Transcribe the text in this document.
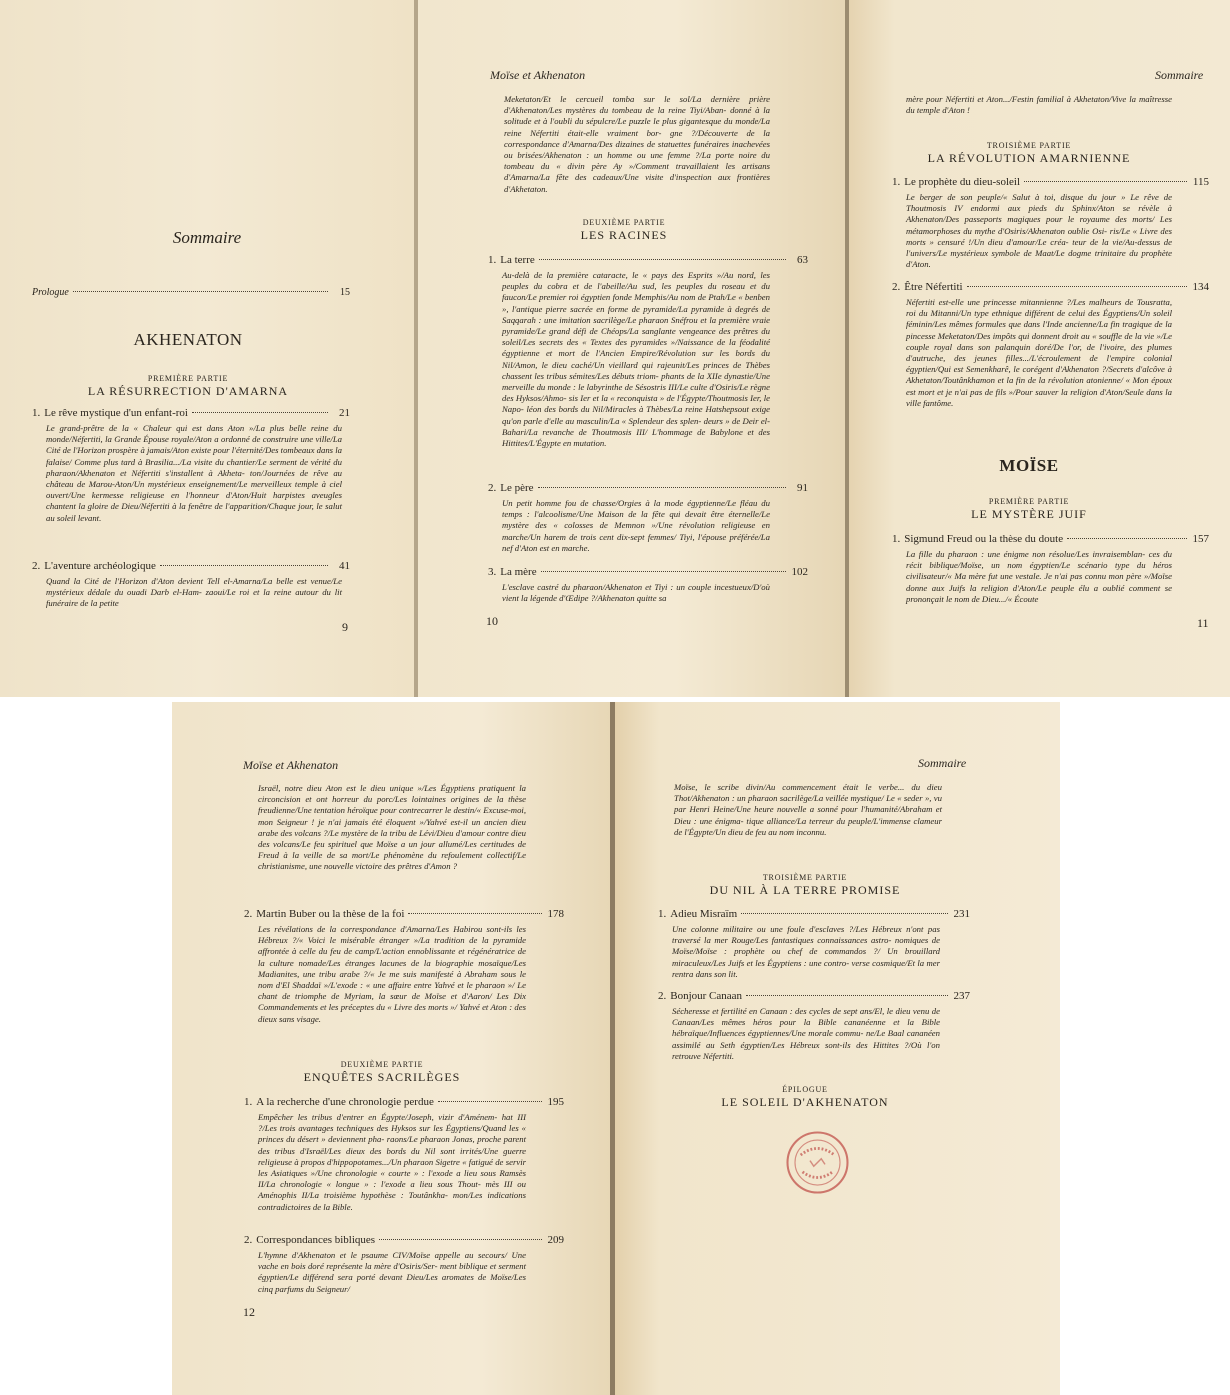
Sommaire
Prologue	15
AKHENATON
PREMIÈRE PARTIE
LA RÉSURRECTION D'AMARNA
1. Le rêve mystique d'un enfant-roi	21
Le grand-prêtre de la « Chaleur qui est dans Aton »/La plus belle reine du monde/Néfertiti, la Grande Épouse royale/Aton a ordonné de construire une ville/La Cité de l'Horizon prospère à jamais/Aton existe pour l'éternité/Des tombeaux dans la falaise/ Comme plus tard à Brasilia.../La visite du chantier/Le serment de vérité du pharaon/Akhenaton et Néfertiti s'installent à Akheta- ton/Journées de rêve au château de Marou-Aton/Un mystérieux enseignement/Le merveilleux temple à ciel ouvert/Une kermesse religieuse en l'honneur d'Aton/Huit harpistes aveugles chantent la gloire de Dieu/Néfertiti à la fenêtre de l'apparition/Chaque jour, le salut au soleil levant.
2. L'aventure archéologique	41
Quand la Cité de l'Horizon d'Aton devient Tell el-Amarna/La belle est venue/Le mystérieux dédale du ouadi Darb el-Ham- zaoui/Le roi et la reine autour du lit funéraire de la petite
9
Moïse et Akhenaton
Meketaton/Et le cercueil tomba sur le sol/La dernière prière d'Akhenaton/Les mystères du tombeau de la reine Tiyi/Aban- donné à la solitude et à l'oubli du sépulcre/Le puzzle le plus gigantesque du monde/La reine Néfertiti était-elle vraiment bor- gne ?/Découverte de la correspondance d'Amarna/Des dizaines de statuettes funéraires inachevées ou brisées/Akhenaton : un homme ou une femme ?/La porte noire du tombeau du « divin père Ay »/Comment travaillaient les artisans d'Amarna/La fête des cadeaux/Une visite d'inspection aux frontières d'Akhetaton.
DEUXIÈME PARTIE
LES RACINES
1. La terre	63
Au-delà de la première cataracte, le « pays des Esprits »/Au nord, les peuples du cobra et de l'abeille/Au sud, les peuples du roseau et du faucon/Le premier roi égyptien fonde Memphis/Au nom de Ptah/Le « benben », l'antique pierre sacrée en forme de pyramide/La pyramide à degrés de Saqqarah : une imitation sacrilège/Le pharaon Snéfrou et la première vraie pyramide/Le grand défi de Chéops/La sanglante vengeance des prêtres du soleil/Les secrets des « Textes des pyramides »/Naissance de la féodalité égyptienne et mort de l'Ancien Empire/Révolution sur les bords du Nil/Amon, le dieu caché/Un vieillard qui rajeunit/Les princes de Thèbes chassent les tribus sémites/Les débuts triom- phants de la XIIe dynastie/Une merveille du monde : le labyrinthe de Sésostris III/Le culte d'Osiris/Le règne des Hyksos/Ahmo- sis Ier et la « reconquista » de l'Égypte/Thoutmosis Ier, le Napo- léon des bords du Nil/Miracles à Thèbes/La reine Hatshepsout exige qu'on parle d'elle au masculin/La « Splendeur des splen- deurs » de Deir el-Bahari/La revanche de Thoutmosis III/ L'hommage de Babylone et des Hittites/L'Égypte en mutation.
2. Le père	91
Un petit homme fou de chasse/Orgies à la mode égyptienne/Le fléau du temps : l'alcoolisme/Une Maison de la fête qui devait être éternelle/Le mystère des « colosses de Memnon »/Une révolution religieuse en marche/Un harem de trois cent dix-sept femmes/ Tiyi, l'épouse préférée/La nef d'Aton est en marche.
3. La mère	102
L'esclave castré du pharaon/Akhenaton et Tiyi : un couple incestueux/D'où vient la légende d'Œdipe ?/Akhenaton quitte sa
10
Sommaire
mère pour Néfertiti et Aton.../Festin familial à Akhetaton/Vive la maîtresse du temple d'Aton !
TROISIÈME PARTIE
LA RÉVOLUTION AMARNIENNE
1. Le prophète du dieu-soleil	115
Le berger de son peuple/« Salut à toi, disque du jour » Le rêve de Thoutmosis IV endormi aux pieds du Sphinx/Aton se révèle à Akhenaton/Des passeports magiques pour le royaume des morts/ Les métamorphoses du mythe d'Osiris/Akhenaton oublie Osi- ris/Le « Livre des morts » censuré !/Un dieu d'amour/Le créa- teur de la vie/Au-dessus de l'univers/Le mystérieux symbole de Maat/Le dogme trinitaire du prophète d'Aton.
2. Être Néfertiti	134
Néfertiti est-elle une princesse mitannienne ?/Les malheurs de Tousratta, roi du Mitanni/Un type ethnique différent de celui des Égyptiens/Un soleil féminin/Les mêmes formules que dans l'Inde ancienne/La fin tragique de la pincesse Meketaton/Des impôts qui donnent droit au « souffle de la vie »/Le couple royal dans son palanquin doré/De l'or, de l'ivoire, des plumes d'autruche, des jeunes filles.../L'écroulement de l'empire colonial égyptien/Qui est Semenkharê, le corégent d'Akhenaton ?/Secrets d'alcôve à Akhetaton/Toutânkhamon et la fin de la révolution atonienne/ « Mon époux est mort et je n'ai pas de fils »/Pour sauver la religion d'Aton/Seule dans la ville fantôme.
MOÏSE
PREMIÈRE PARTIE
LE MYSTÈRE JUIF
1. Sigmund Freud ou la thèse du doute	157
La fille du pharaon : une énigme non résolue/Les invraisemblan- ces du récit biblique/Moïse, un nom égyptien/Le scénario type du héros civilisateur/« Ma mère fut une vestale. Je n'ai pas connu mon père »/Moïse donne aux Juifs la religion d'Aton/Le peuple élu a oublié comment se prononçait le nom de Dieu.../« Écoute
11
Moïse et Akhenaton
Israël, notre dieu Aton est le dieu unique »/Les Égyptiens pratiquent la circoncision et ont horreur du porc/Les lointaines origines de la thèse freudienne/Une tentation héroïque pour contrecarrer le destin/« Excuse-moi, mon Seigneur ! je n'ai jamais été éloquent »/Yahvé est-il un ancien dieu arabe des volcans ?/Le mystère de la tribu de Lévi/Dieu d'amour contre dieu des volcans/Le feu spirituel que Moïse a un jour allumé/Les certitudes de Freud à la veille de sa mort/Le phénomène du refoulement collectif/Le christianisme, une nouvelle victoire des prêtres d'Amon ?
2. Martin Buber ou la thèse de la foi	178
Les révélations de la correspondance d'Amarna/Les Habirou sont-ils les Hébreux ?/« Voici le misérable étranger »/La tradition de la pyramide affrontée à celle du feu de camp/L'action ennoblissante et régénératrice de la culture nomade/Les étranges lacunes de la biographie mosaïque/Les Madianites, une tribu arabe ?/« Je me suis manifesté à Abraham sous le nom d'El Shaddaï »/L'exode : « une affaire entre Yahvé et le pharaon »/ Le chant de triomphe de Myriam, la sœur de Moïse et d'Aaron/ Les Dix Commandements et les préceptes du « Livre des morts »/ Yahvé et Aton : des dieux sans visage.
DEUXIÈME PARTIE
ENQUÊTES SACRILÈGES
1. A la recherche d'une chronologie perdue	195
Empêcher les tribus d'entrer en Égypte/Joseph, vizir d'Aménem- hat III ?/Les trois avantages techniques des Hyksos sur les Égyptiens/Quand les « princes du désert » deviennent pha- raons/Le pharaon Jonas, proche parent des tribus d'Israël/Les dieux des bords du Nil sont irrités/Une guerre religieuse à propos d'hippopotames.../Un pharaon Sigetre « fatigué de servir les Asiatiques »/Une chronologie « courte » : l'exode a lieu sous Ramsès II/La chronologie « longue » : l'exode a lieu sous Thout- mès III ou Aménophis II/La troisième hypothèse : Toutânkha- mon/Les indications contradictoires de la Bible.
2. Correspondances bibliques	209
L'hymne d'Akhenaton et le psaume CIV/Moïse appelle au secours/ Une vache en bois doré représente la mère d'Osiris/Ser- ment biblique et serment égyptien/Le différend sera porté devant Dieu/Les aromates de Moïse/Les cinq parfums du Seigneur/
12
Sommaire
Moïse, le scribe divin/Au commencement était le verbe... du dieu Thot/Akhenaton : un pharaon sacrilège/La veillée mystique/ Le « seder », vu par Henri Heine/Une heure nouvelle a sonné pour l'humanité/Abraham et Dieu : une énigma- tique alliance/La terreur du peuple/L'immense clameur de l'Égypte/Un dieu de feu au nom inconnu.
TROISIÈME PARTIE
DU NIL À LA TERRE PROMISE
1. Adieu Misraïm	231
Une colonne militaire ou une foule d'esclaves ?/Les Hébreux n'ont pas traversé la mer Rouge/Les fantastiques connaissances astro- nomiques de Moïse/Moïse : prophète ou chef de commandos ?/ Un brouillard miraculeux/Les Juifs et les Égyptiens : une contro- verse cosmique/Et la mer rentra dans son lit.
2. Bonjour Canaan	237
Sécheresse et fertilité en Canaan : des cycles de sept ans/El, le dieu venu de Canaan/Les mêmes héros pour la Bible cananéenne et la Bible hébraïque/Influences égyptiennes/Une morale commu- ne/Le Baal cananéen assimilé au Seth égyptien/Les Hébreux sont-ils des Hittites ?/Où l'on retrouve Néfertiti.
ÉPILOGUE
LE SOLEIL D'AKHENATON
